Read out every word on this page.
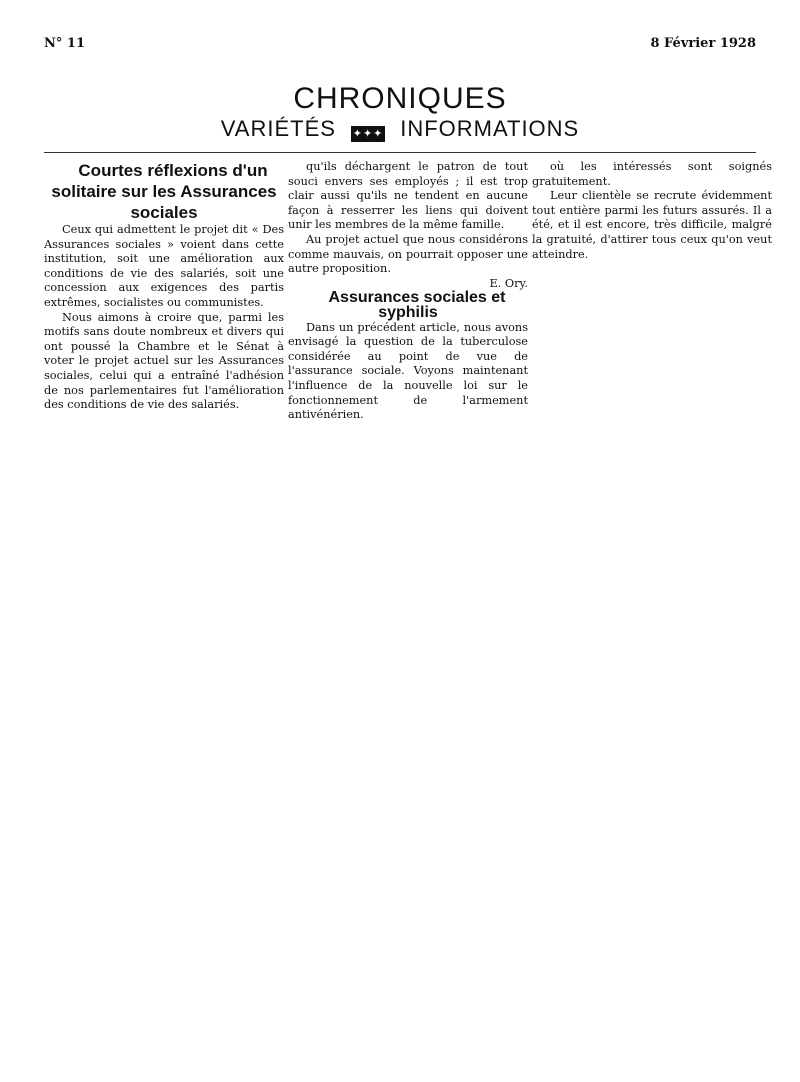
N° 11	8 Février 1928
CHRONIQUES
VARIÉTÉS ✦✦✦ INFORMATIONS

Courtes réflexions d'un solitaire sur les Assurances sociales

Ceux qui admettent le projet dit « Des Assurances sociales » voient dans cette institution, soit une amélioration aux conditions de vie des salariés, soit une concession aux exigences des partis extrêmes, socialistes ou communistes.

Nous aimons à croire que, parmi les motifs sans doute nombreux et divers qui ont poussé la Chambre et le Sénat à voter le projet actuel sur les Assurances sociales, celui qui a entraîné l'adhésion de nos parlementaires fut l'amélioration des conditions de vie des salariés.

qu'ils déchargent le patron de tout souci envers ses employés ; il est trop clair aussi qu'ils ne tendent en aucune façon à resserrer les liens qui doivent unir les membres de la même famille.

Au projet actuel que nous considérons comme mauvais, on pourrait opposer une autre proposition.

E. Ory.

Assurances sociales et syphilis

Dans un précédent article, nous avons envisagé la question de la tuberculose considérée au point de vue de l'assurance sociale. Voyons maintenant l'influence de la nouvelle loi sur le fonctionnement de l'armement antivénérien.

où les intéressés sont soignés gratuitement.

Leur clientèle se recrute évidemment tout entière parmi les futurs assurés. Il a été, et il est encore, très difficile, malgré la gratuité, d'attirer tous ceux qu'on veut atteindre.
